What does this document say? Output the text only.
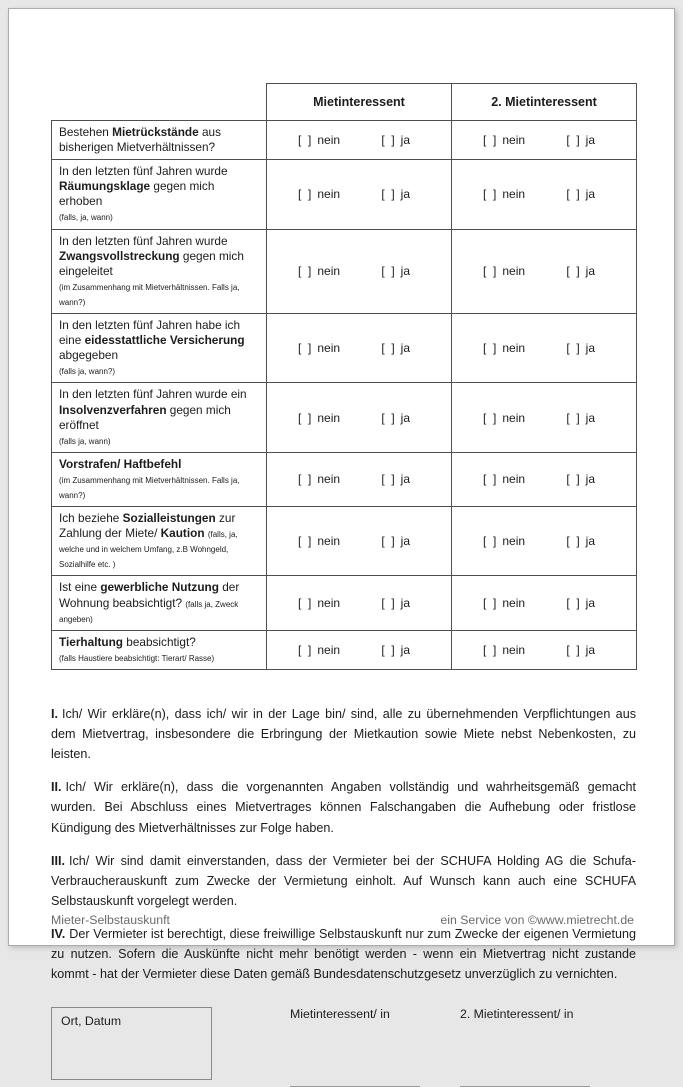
	Mietinteressent	2. Mietinteressent
Bestehen Mietrückstände aus bisherigen Mietverhältnissen?	[  ] nein [  ] ja	[  ] nein [  ] ja

In den letzten fünf Jahren wurde Räumungsklage gegen mich erhoben
(falls, ja, wann)	[  ] nein [  ] ja	[  ] nein [  ] ja

In den letzten fünf Jahren wurde Zwangsvollstreckung gegen mich eingeleitet
(im Zusammenhang mit Mietverhältnissen. Falls ja, wann?)	[  ] nein [  ] ja	[  ] nein [  ] ja

In den letzten fünf Jahren habe ich eine eidesstattliche Versicherung abgegeben
(falls ja, wann?)	[  ] nein [  ] ja	[  ] nein [  ] ja

In den letzten fünf Jahren wurde ein Insolvenzverfahren gegen mich eröffnet
(falls ja, wann)	[  ] nein [  ] ja	[  ] nein [  ] ja

Vorstrafen/ Haftbefehl
(im Zusammenhang mit Mietverhältnissen. Falls ja, wann?)	[  ] nein [  ] ja	[  ] nein [  ] ja

Ich beziehe Sozialleistungen zur Zahlung der Miete/ Kaution (falls, ja, welche und in welchem Umfang, z.B Wohngeld, Sozialhilfe etc. )	[  ] nein [  ] ja	[  ] nein [  ] ja

Ist eine gewerbliche Nutzung der Wohnung beabsichtigt? (falls ja, Zweck angeben)	[  ] nein [  ] ja	[  ] nein [  ] ja

Tierhaltung beabsichtigt?
(falls Haustiere beabsichtigt: Tierart/ Rasse)	[  ] nein [  ] ja	[  ] nein [  ] ja

I. Ich/ Wir erkläre(n), dass ich/ wir in der Lage bin/ sind, alle zu übernehmenden Verpflichtungen aus dem Mietvertrag, insbesondere die Erbringung der Mietkaution sowie Miete nebst Nebenkosten, zu leisten.

II. Ich/ Wir erkläre(n), dass die vorgenannten Angaben vollständig und wahrheitsgemäß gemacht wurden. Bei Abschluss eines Mietvertrages können Falschangaben die Aufhebung oder fristlose Kündigung des Mietverhältnisses zur Folge haben.

III. Ich/ Wir sind damit einverstanden, dass der Vermieter bei der SCHUFA Holding AG die Schufa-Verbraucherauskunft zum Zwecke der Vermietung einholt. Auf Wunsch kann auch eine SCHUFA Selbstauskunft vorgelegt werden.

IV. Der Vermieter ist berechtigt, diese freiwillige Selbstauskunft nur zum Zwecke der eigenen Vermietung zu nutzen. Sofern die Auskünfte nicht mehr benötigt werden - wenn ein Mietvertrag nicht zustande kommt - hat der Vermieter diese Daten gemäß Bundesdatenschutzgesetz unverzüglich zu vernichten.

Ort, Datum	Mietinteressent/ in	2. Mietinteressent/ in
Mieter-Selbstauskunft	ein Service von ©www.mietrecht.de
